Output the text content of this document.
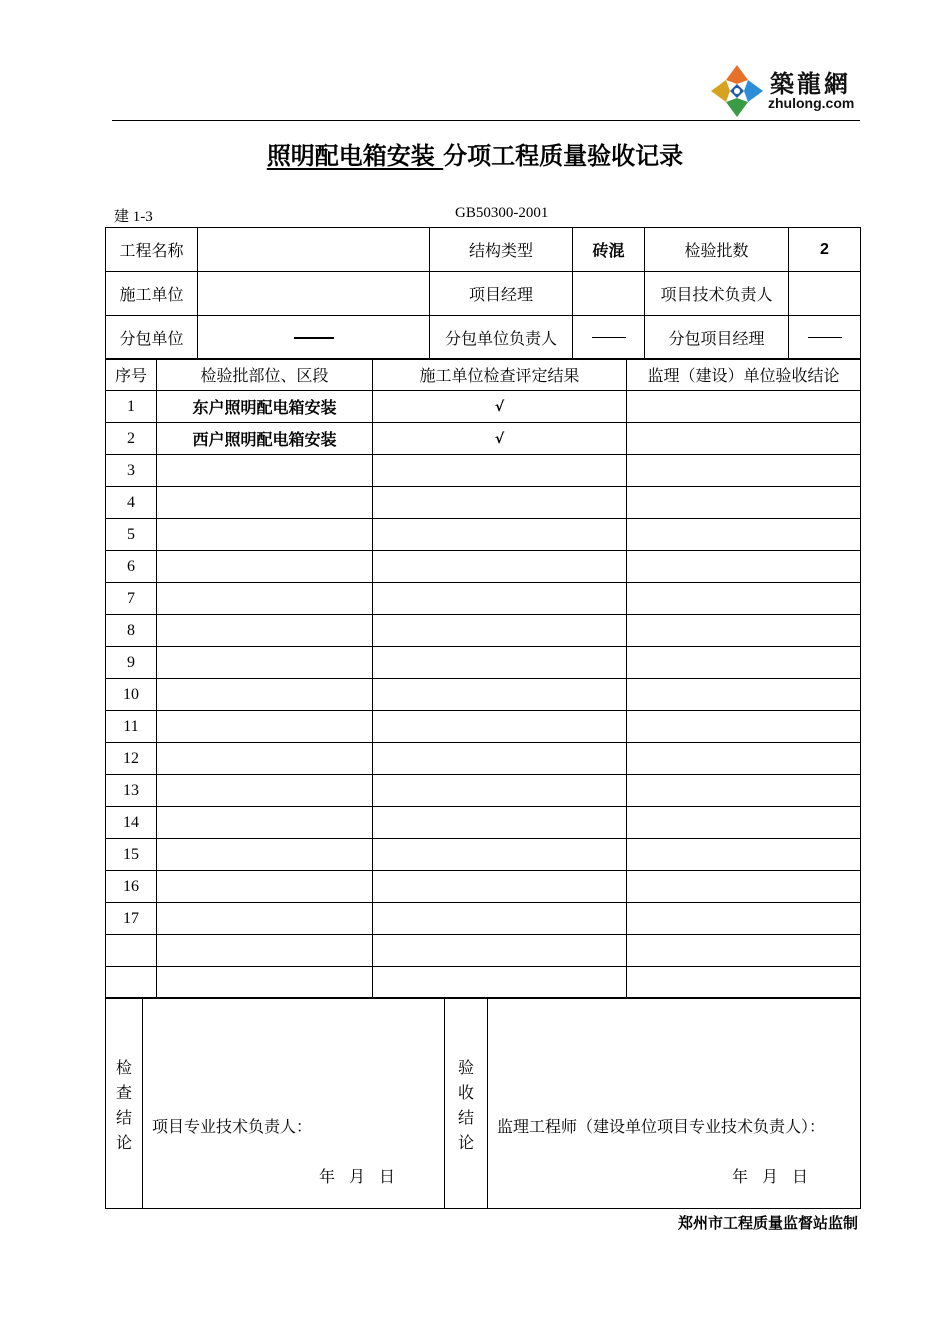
築龍網
zhulong.com
照明配电箱安装 分项工程质量验收记录
建 1-3	GB50300-2001
工程名称		结构类型	砖混	检验批数	2
施工单位		项目经理		项目技术负责人	
分包单位		分包单位负责人		分包项目经理	
序号	检验批部位、区段	施工单位检查评定结果	监理（建设）单位验收结论
1	东户照明配电箱安装	√	
2	西户照明配电箱安装	√	
3			
4			
5			
6			
7			
8			
9			
10			
11			
12			
13			
14			
15			
16			
17			

检查结论

项目专业技术负责人：
年 月 日

验收结论

监理工程师（建设单位项目专业技术负责人）：
年 月 日
郑州市工程质量监督站监制
